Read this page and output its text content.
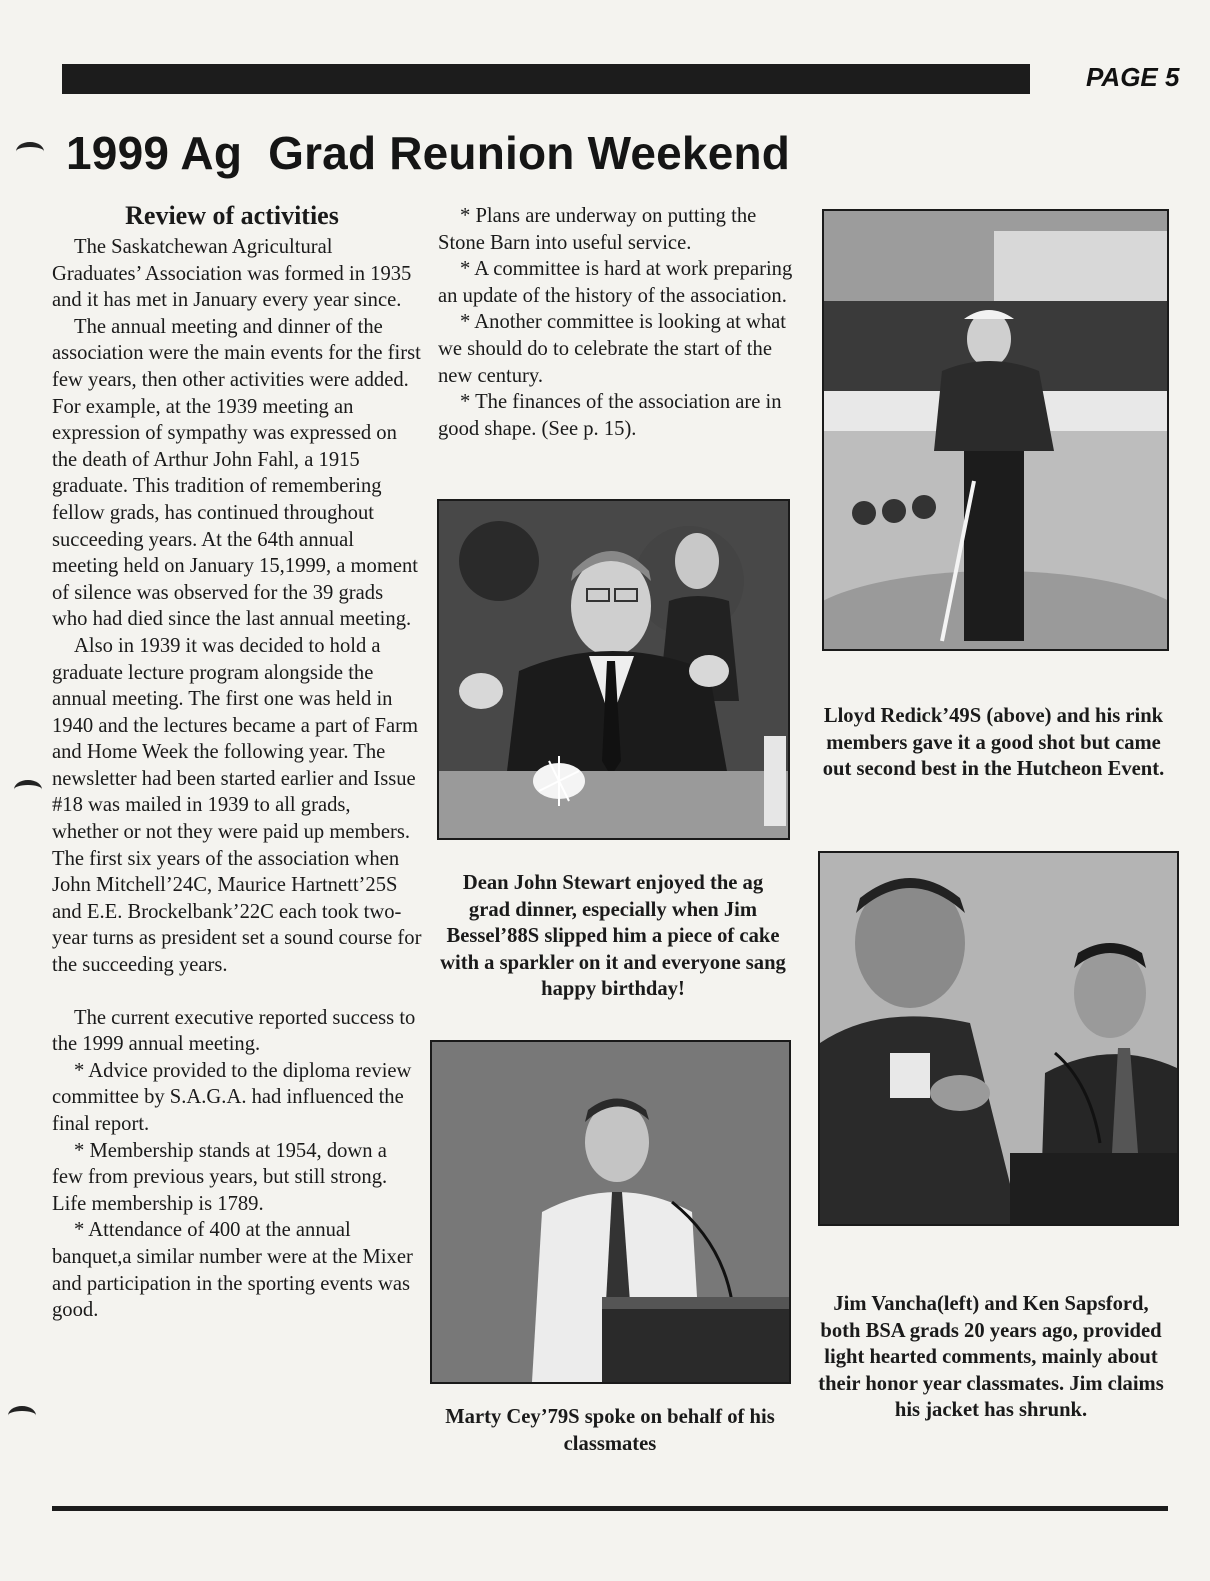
PAGE 5
1999 Ag  Grad Reunion Weekend
Review of activities

The Saskatchewan Agricultural Graduates’ Association was formed in 1935 and it has met in January every year since.

The annual meeting and dinner of the association were the main events for the first few years, then other activities were added. For example, at the 1939 meeting an expression of sympathy was expressed on the death of Arthur John Fahl, a 1915 graduate. This tradition of remembering fellow grads, has continued throughout succeeding years. At the 64th annual meeting held on January 15,1999, a moment of silence was observed for the 39 grads who had died since the last annual meeting.

Also in 1939 it was decided to hold a graduate lecture program alongside the annual meeting. The first one was held in 1940 and the lectures became a part of Farm and Home Week the following year. The newsletter had been started earlier and Issue #18 was mailed in 1939 to all grads, whether or not they were paid up members. The first six years of the association when John Mitchell’24C, Maurice Hartnett’25S and E.E. Brockelbank’22C each took two-year turns as president set a sound course for the succeeding years.

The current executive reported success to the 1999 annual meeting.

* Advice provided to the diploma review committee by S.A.G.A. had influenced the final report.

* Membership stands at 1954, down a few from previous years, but still strong. Life membership is 1789.

* Attendance of 400 at the annual banquet,a similar number were at the Mixer and participation in the sporting events was good.

* Plans are underway on putting the Stone Barn into useful service.

* A committee is hard at work preparing an update of the history of the association.

* Another committee is looking at what we should do to celebrate the start of the new century.

* The finances of the association are in good shape. (See p. 15).

Dean John Stewart enjoyed the ag grad dinner, especially when Jim Bessel’88S slipped him a piece of cake with a sparkler on it and everyone sang happy birthday!
Marty Cey’79S spoke on behalf of his classmates
Lloyd Redick’49S (above) and his rink members gave it a good shot but came out second best in the Hutcheon Event.
Jim Vancha(left) and Ken Sapsford, both BSA grads 20 years ago, provided light hearted comments, mainly about their honor year classmates. Jim claims his jacket has shrunk.
